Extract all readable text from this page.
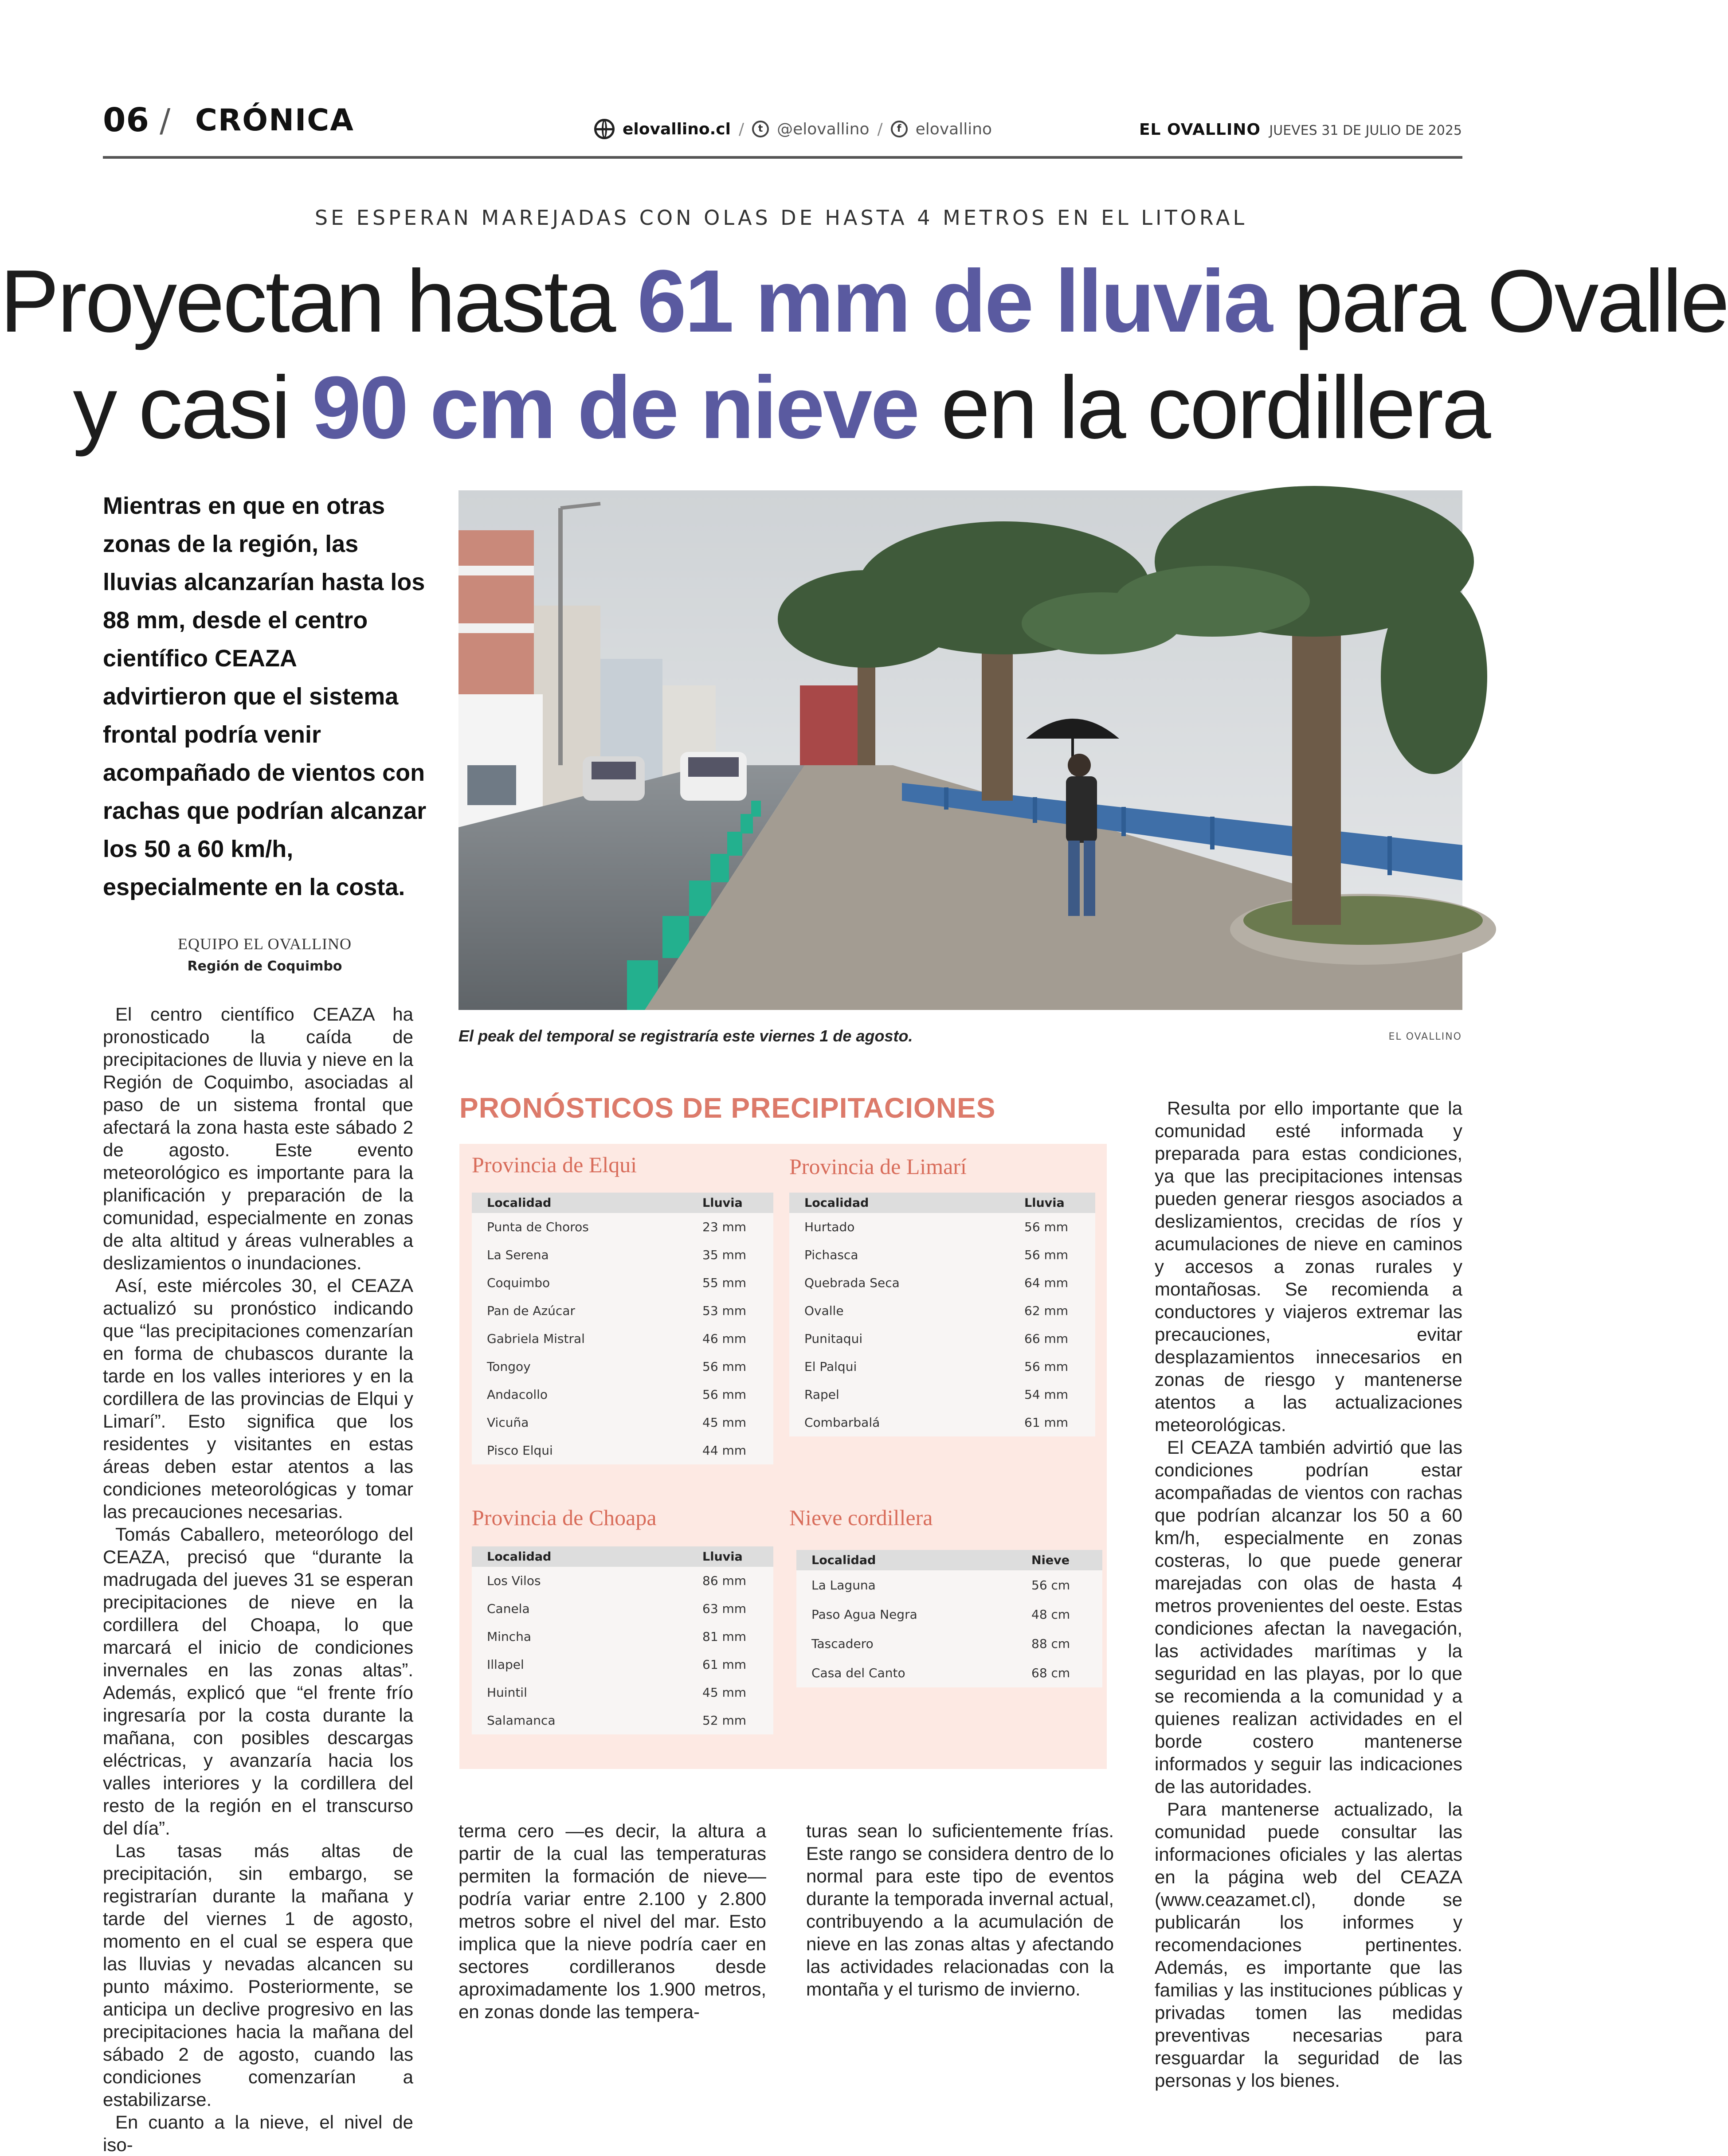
06 / CRÓNICA	elovallino.cl /	t @elovallino /	f elovallino	EL OVALLINO JUEVES 31 DE JULIO DE 2025
SE ESPERAN MAREJADAS CON OLAS DE HASTA 4 METROS EN EL LITORAL
Proyectan hasta 61 mm de lluvia para Ovalle
y casi 90 cm de nieve en la cordillera
Mientras en que en otras zonas de la región, las lluvias alcanzarían hasta los 88 mm, desde el centro científico CEAZA advirtieron que el sistema frontal podría venir acompañado de vientos con rachas que podrían alcanzar los 50 a 60 km/h, especialmente en la costa.
EQUIPO EL OVALLINO
Región de Coquimbo
El peak del temporal se registraría este viernes 1 de agosto.	EL OVALLINO

El centro científico CEAZA ha pronosticado la caída de precipitaciones de lluvia y nieve en la Región de Coquimbo, asociadas al paso de un sistema frontal que afectará la zona hasta este sábado 2 de agosto. Este evento meteorológico es importante para la planificación y preparación de la comunidad, especialmente en zonas de alta altitud y áreas vulnerables a deslizamientos o inundaciones.

Así, este miércoles 30, el CEAZA actualizó su pronóstico indicando que “las precipitaciones comenzarían en forma de chubascos durante la tarde en los valles interiores y en la cordillera de las provincias de Elqui y Limarí”. Esto significa que los residentes y visitantes en estas áreas deben estar atentos a las condiciones meteorológicas y tomar las precauciones necesarias.

Tomás Caballero, meteorólogo del CEAZA, precisó que “durante la madrugada del jueves 31 se esperan precipitaciones de nieve en la cordillera del Choapa, lo que marcará el inicio de condiciones invernales en las zonas altas”. Además, explicó que “el frente frío ingresaría por la costa durante la mañana, con posibles descargas eléctricas, y avanzaría hacia los valles interiores y la cordillera del resto de la región en el transcurso del día”.

Las tasas más altas de precipitación, sin embargo, se registrarían durante la mañana y tarde del viernes 1 de agosto, momento en el cual se espera que las lluvias y nevadas alcancen su punto máximo. Posteriormente, se anticipa un declive progresivo en las precipitaciones hacia la mañana del sábado 2 de agosto, cuando las condiciones comenzarían a estabilizarse.

En cuanto a la nieve, el nivel de iso-

PRONÓSTICOS DE PRECIPITACIONES
Provincia de Elqui
Localidad	Lluvia
Punta de Choros	23 mm
La Serena	35 mm
Coquimbo	55 mm
Pan de Azúcar	53 mm
Gabriela Mistral	46 mm
Tongoy	56 mm
Andacollo	56 mm
Vicuña	45 mm
Pisco Elqui	44 mm
Provincia de Limarí
Localidad	Lluvia
Hurtado	56 mm
Pichasca	56 mm
Quebrada Seca	64 mm
Ovalle	62 mm
Punitaqui	66 mm
El Palqui	56 mm
Rapel	54 mm
Combarbalá	61 mm
Provincia de Choapa
Localidad	Lluvia
Los Vilos	86 mm
Canela	63 mm
Mincha	81 mm
Illapel	61 mm
Huintil	45 mm
Salamanca	52 mm
Nieve cordillera
Localidad	Nieve
La Laguna	56 cm
Paso Agua Negra	48 cm
Tascadero	88 cm
Casa del Canto	68 cm

terma cero —es decir, la altura a partir de la cual las temperaturas permiten la formación de nieve— podría variar entre 2.100 y 2.800 metros sobre el nivel del mar. Esto implica que la nieve podría caer en sectores cordilleranos desde aproximadamente los 1.900 metros, en zonas donde las tempera-

turas sean lo suficientemente frías. Este rango se considera dentro de lo normal para este tipo de eventos durante la temporada invernal actual, contribuyendo a la acumulación de nieve en las zonas altas y afectando las actividades relacionadas con la montaña y el turismo de invierno.

Resulta por ello importante que la comunidad esté informada y preparada para estas condiciones, ya que las precipitaciones intensas pueden generar riesgos asociados a deslizamientos, crecidas de ríos y acumulaciones de nieve en caminos y accesos a zonas rurales y montañosas. Se recomienda a conductores y viajeros extremar las precauciones, evitar desplazamientos innecesarios en zonas de riesgo y mantenerse atentos a las actualizaciones meteorológicas.

El CEAZA también advirtió que las condiciones podrían estar acompañadas de vientos con rachas que podrían alcanzar los 50 a 60 km/h, especialmente en zonas costeras, lo que puede generar marejadas con olas de hasta 4 metros provenientes del oeste. Estas condiciones afectan la navegación, las actividades marítimas y la seguridad en las playas, por lo que se recomienda a la comunidad y a quienes realizan actividades en el borde costero mantenerse informados y seguir las indicaciones de las autoridades.

Para mantenerse actualizado, la comunidad puede consultar las informaciones oficiales y las alertas en la página web del CEAZA (www.ceazamet.cl), donde se publicarán los informes y recomendaciones pertinentes. Además, es importante que las familias y las instituciones públicas y privadas tomen las medidas preventivas necesarias para resguardar la seguridad de las personas y los bienes.
